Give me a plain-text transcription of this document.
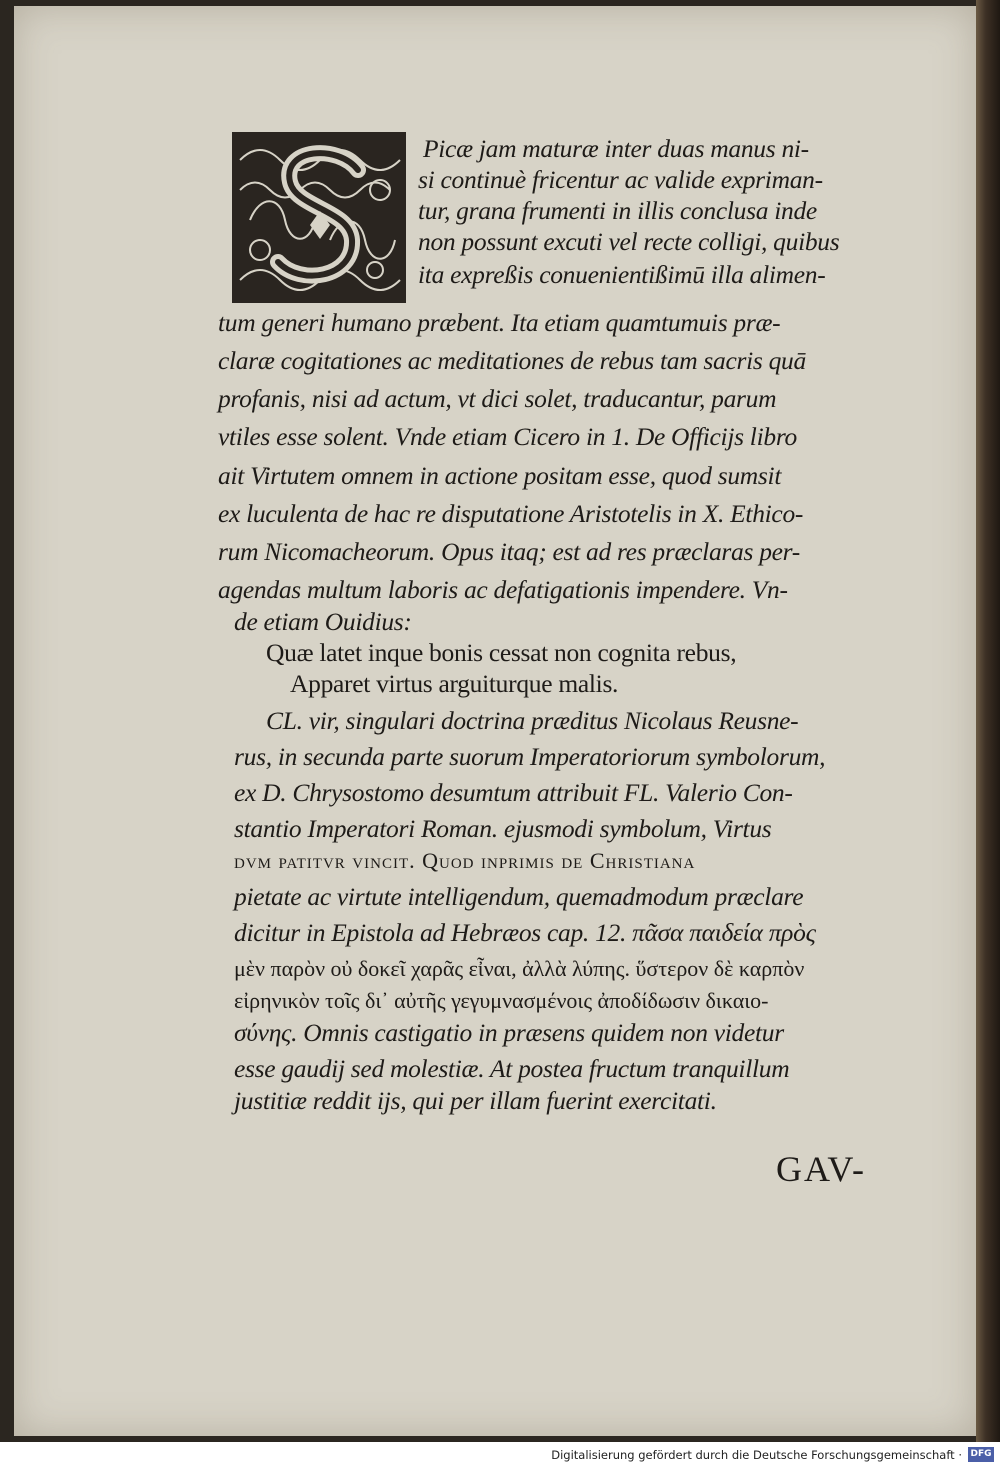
Picæ jam maturæ inter duas manus ni-
si continuè fricentur ac valide expriman-
tur, grana frumenti in illis conclusa inde
non possunt excuti vel recte colligi, quibus
ita expreßis conuenientißimū illa alimen-
tum generi humano præbent. Ita etiam quamtumuis præ-
claræ cogitationes ac meditationes de rebus tam sacris quā
profanis, nisi ad actum, vt dici solet, traducantur, parum
vtiles esse solent. Vnde etiam Cicero in 1. De Officijs libro
ait Virtutem omnem in actione positam esse, quod sumsit
ex luculenta de hac re disputatione Aristotelis in X. Ethico-
rum Nicomacheorum. Opus itaq; est ad res præclaras per-
agendas multum laboris ac defatigationis impendere. Vn-
de etiam Ouidius:
Quæ latet inque bonis cessat non cognita rebus,
Apparet virtus arguiturque malis.
CL. vir, singulari doctrina præditus Nicolaus Reusne-
rus, in secunda parte suorum Imperatoriorum symbolorum,
ex D. Chrysostomo desumtum attribuit FL. Valerio Con-
stantio Imperatori Roman. ejusmodi symbolum, Virtus
dvm patitvr vincit. Quod inprimis de Christiana
pietate ac virtute intelligendum, quemadmodum præclare
dicitur in Epistola ad Hebræos cap. 12. πᾶσα παιδεία πρὸς
μὲν παρὸν οὐ δοκεῖ χαρᾶς εἶναι, ἀλλὰ λύπης. ὕστερον δὲ καρπὸν
εἰρηνικὸν τοῖς δι᾽ αὐτῆς γεγυμνασμένοις ἀποδίδωσιν δικαιο-
σύνης. Omnis castigatio in præsens quidem non videtur
esse gaudij sed molestiæ. At postea fructum tranquillum
justitiæ reddit ijs, qui per illam fuerint exercitati.
GAV-
Digitalisierung gefördert durch die Deutsche Forschungsgemeinschaft · DFG
